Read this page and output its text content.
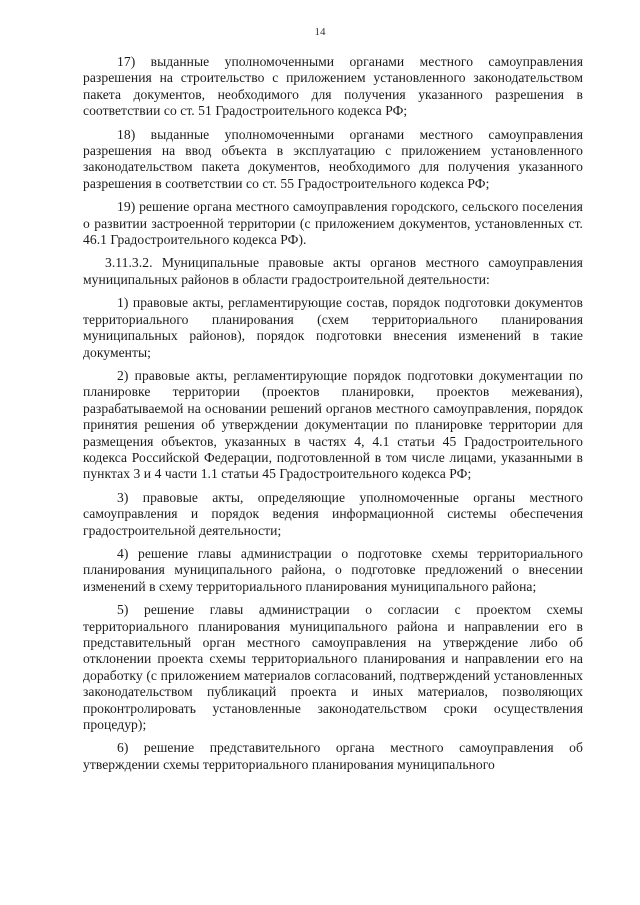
14

17) выданные уполномоченными органами местного самоуправления разрешения на строительство с приложением установленного законодательством пакета документов, необходимого для получения указанного разрешения в соответствии со ст. 51 Градостроительного кодекса РФ;

18) выданные уполномоченными органами местного самоуправления разрешения на ввод объекта в эксплуатацию с приложением установленного законодательством пакета документов, необходимого для получения указанного разрешения в соответствии со ст. 55 Градостроительного кодекса РФ;

19) решение органа местного самоуправления городского, сельского поселения о развитии застроенной территории (с приложением документов, установленных ст. 46.1 Градостроительного кодекса РФ).

3.11.3.2. Муниципальные правовые акты органов местного самоуправления муниципальных районов в области градостроительной деятельности:

1) правовые акты, регламентирующие состав, порядок подготовки документов территориального планирования (схем территориального планирования муниципальных районов), порядок подготовки внесения изменений в такие документы;

2) правовые акты, регламентирующие порядок подготовки документации по планировке территории (проектов планировки, проектов межевания), разрабатываемой на основании решений органов местного самоуправления, порядок принятия решения об утверждении документации по планировке территории для размещения объектов, указанных в частях 4, 4.1 статьи 45 Градостроительного кодекса Российской Федерации, подготовленной в том числе лицами, указанными в пунктах 3 и 4 части 1.1 статьи 45 Градостроительного кодекса РФ;

3) правовые акты, определяющие уполномоченные органы местного самоуправления и порядок ведения информационной системы обеспечения градостроительной деятельности;

4) решение главы администрации о подготовке схемы территориального планирования муниципального района, о подготовке предложений о внесении изменений в схему территориального планирования муниципального района;

5) решение главы администрации о согласии с проектом схемы территориального планирования муниципального района и направлении его в представительный орган местного самоуправления на утверждение либо об отклонении проекта схемы территориального планирования и направлении его на доработку (с приложением материалов согласований, подтверждений установленных законодательством публикаций проекта и иных материалов, позволяющих проконтролировать установленные законодательством сроки осуществления процедур);

6) решение представительного органа местного самоуправления об утверждении схемы территориального планирования муниципального
